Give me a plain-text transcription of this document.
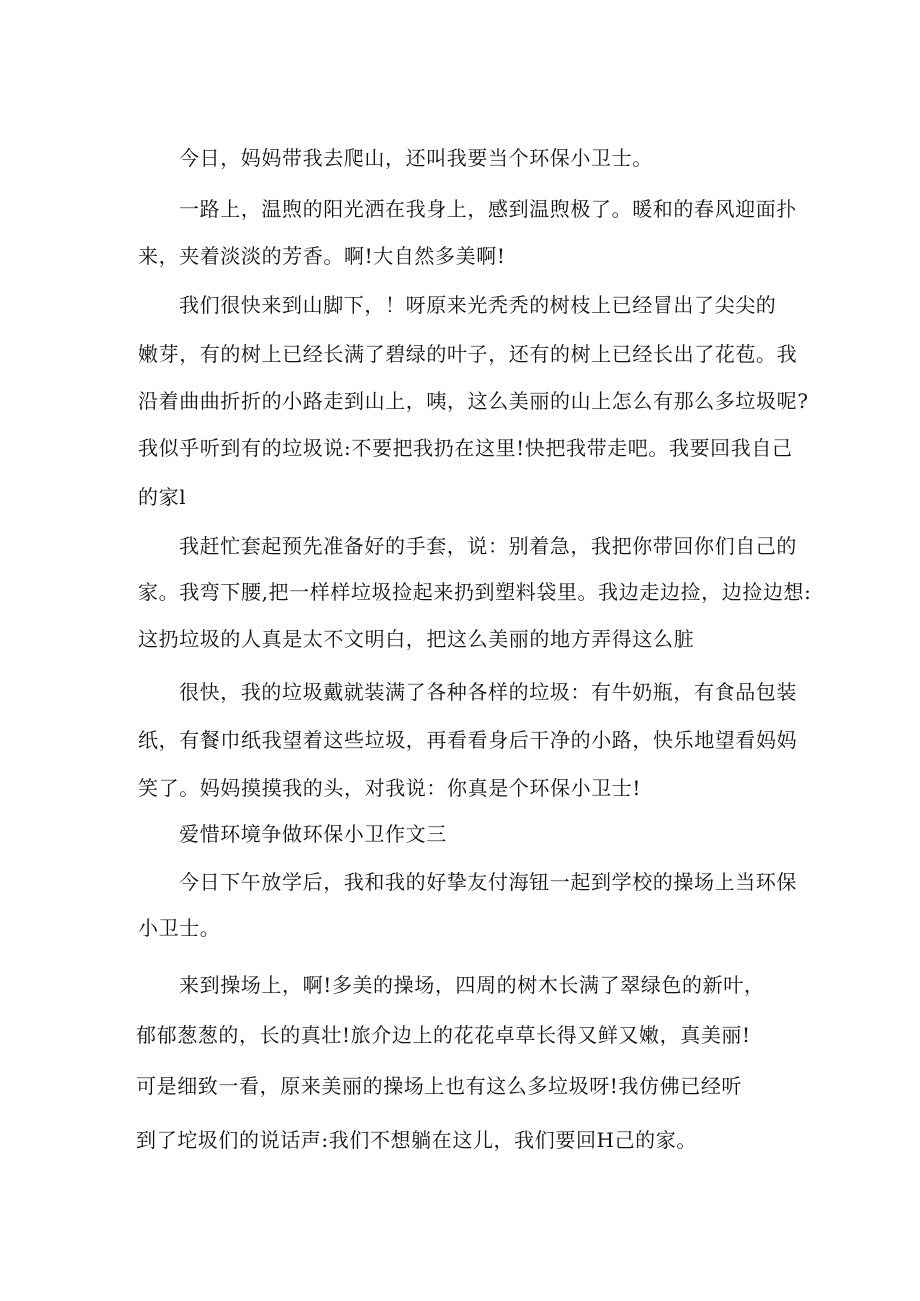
今日，妈妈带我去爬山，还叫我要当个环保小卫士。
一路上，温煦的阳光洒在我身上，感到温煦极了。暖和的春风迎面扑
来，夹着淡淡的芳香。啊!大自然多美啊!
我们很快来到山脚下，！呀原来光秃秃的树枝上已经冒出了尖尖的
嫩芽，有的树上已经长满了碧绿的叶子，还有的树上已经长出了花苞。我
沿着曲曲折折的小路走到山上，咦，这么美丽的山上怎么有那么多垃圾呢?
我似乎听到有的垃圾说:不要把我扔在这里!快把我带走吧。我要回我自己
的家l
我赶忙套起预先准备好的手套，说：别着急，我把你带回你们自己的
家。我弯下腰,把一样样垃圾捡起来扔到塑料袋里。我边走边捡，边捡边想:
这扔垃圾的人真是太不文明白，把这么美丽的地方弄得这么脏
很快，我的垃圾戴就装满了各种各样的垃圾：有牛奶瓶，有食品包装
纸，有餐巾纸我望着这些垃圾，再看看身后干净的小路，快乐地望看妈妈
笑了。妈妈摸摸我的头，对我说：你真是个环保小卫士!
爱惜环境争做环保小卫作文三
今日下午放学后，我和我的好挚友付海钮一起到学校的操场上当环保
小卫士。
来到操场上，啊!多美的操场，四周的树木长满了翠绿色的新叶，
郁郁葱葱的，长的真壮!旅介边上的花花卓草长得又鲜又嫩，真美丽!
可是细致一看，原来美丽的操场上也有这么多垃圾呀!我仿佛已经听
到了坨圾们的说话声:我们不想躺在这儿，我们要回H己的家。
